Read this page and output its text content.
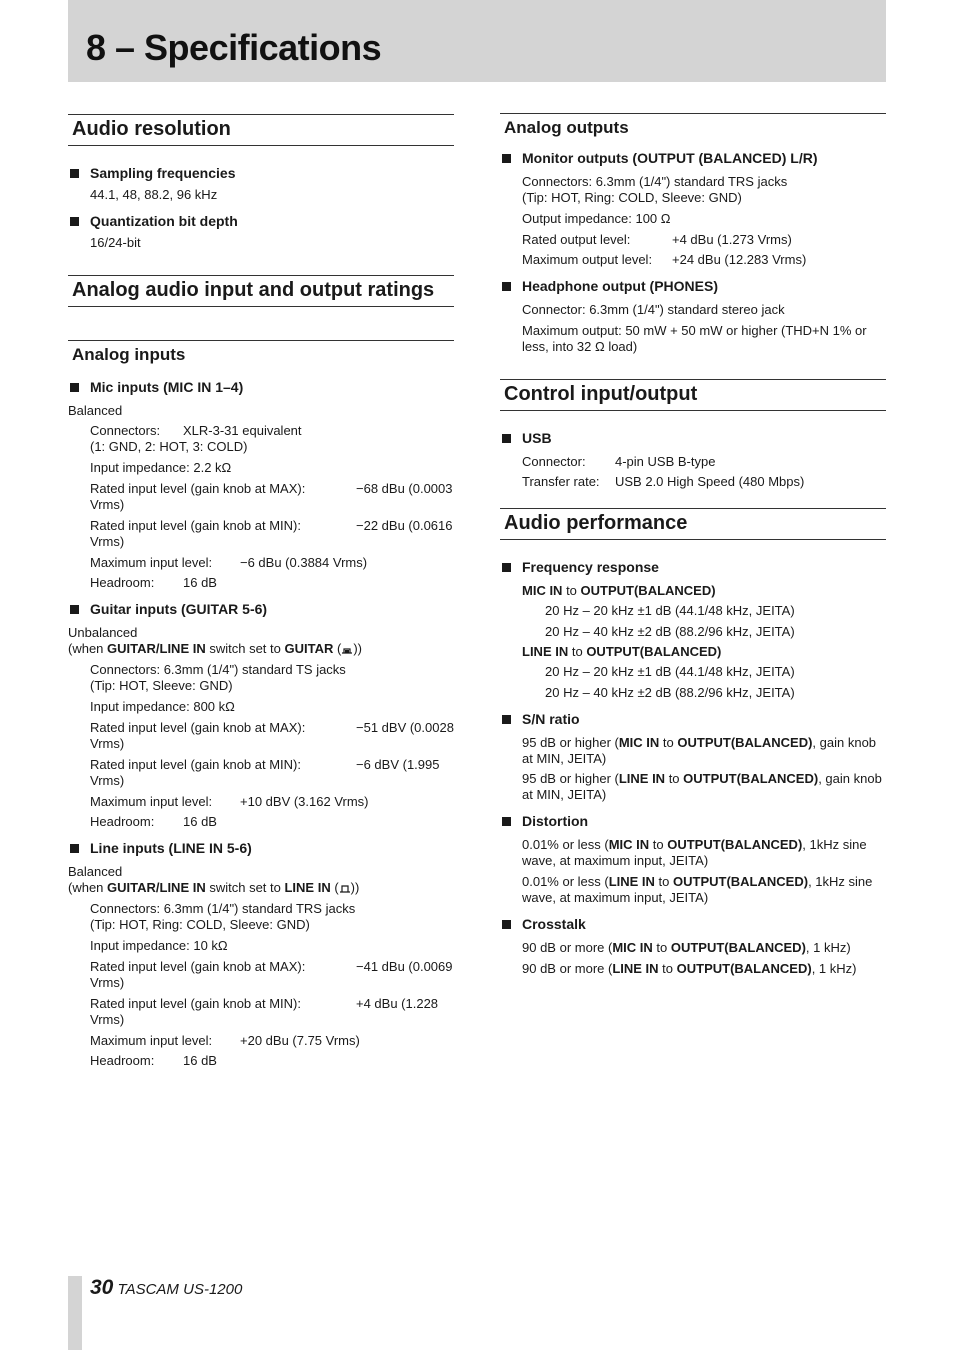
8 – Specifications
Audio resolution
Sampling frequencies

44.1, 48, 88.2, 96 kHz

Quantization bit depth

16/24-bit

Analog audio input and output ratings
Analog inputs
Mic inputs (MIC IN 1–4)

Balanced

Connectors:	XLR-3-31 equivalent

(1: GND, 2: HOT, 3: COLD)

Input impedance: 2.2 kΩ

Rated input level (gain knob at MAX):	−68 dBu (0.0003

Vrms)

Rated input level (gain knob at MIN):	−22 dBu (0.0616

Vrms)

Maximum input level:	−6 dBu (0.3884 Vrms)
Headroom:	16 dB
Guitar inputs (GUITAR 5-6)

Unbalanced

(when GUITAR/LINE IN switch set to GUITAR ( ))

Connectors: 6.3mm (1/4") standard TS jacks

(Tip: HOT, Sleeve: GND)

Input impedance: 800 kΩ

Rated input level (gain knob at MAX):	−51 dBV (0.0028

Vrms)

Rated input level (gain knob at MIN):	−6 dBV (1.995

Vrms)

Maximum input level:	+10 dBV (3.162 Vrms)
Headroom:	16 dB
Line inputs (LINE IN 5-6)

Balanced

(when GUITAR/LINE IN switch set to LINE IN ( ))

Connectors: 6.3mm (1/4") standard TRS jacks

(Tip: HOT, Ring: COLD, Sleeve: GND)

Input impedance: 10 kΩ

Rated input level (gain knob at MAX):	−41 dBu (0.0069

Vrms)

Rated input level (gain knob at MIN):	+4 dBu (1.228

Vrms)

Maximum input level:	+20 dBu (7.75 Vrms)
Headroom:	16 dB
Analog outputs
Monitor outputs (OUTPUT (BALANCED) L/R)

Connectors: 6.3mm (1/4") standard TRS jacks

(Tip: HOT, Ring: COLD, Sleeve: GND)

Output impedance: 100 Ω

Rated output level:	+4 dBu (1.273 Vrms)
Maximum output level:	+24 dBu (12.283 Vrms)
Headphone output (PHONES)

Connector: 6.3mm (1/4") standard stereo jack

Maximum output: 50 mW + 50 mW or higher (THD+N 1% or less, into 32 Ω load)

Control input/output
USB
Connector:	4-pin USB B-type
Transfer rate:	USB 2.0 High Speed (480 Mbps)
Audio performance
Frequency response

MIC IN to OUTPUT(BALANCED)

20 Hz – 20 kHz ±1 dB (44.1/48 kHz, JEITA)

20 Hz – 40 kHz ±2 dB (88.2/96 kHz, JEITA)

LINE IN to OUTPUT(BALANCED)

20 Hz – 20 kHz ±1 dB (44.1/48 kHz, JEITA)

20 Hz – 40 kHz ±2 dB (88.2/96 kHz, JEITA)

S/N ratio

95 dB or higher (MIC IN to OUTPUT(BALANCED), gain knob at MIN, JEITA)

95 dB or higher (LINE IN to OUTPUT(BALANCED), gain knob at MIN, JEITA)

Distortion

0.01% or less (MIC IN to OUTPUT(BALANCED), 1kHz sine wave, at maximum input, JEITA)

0.01% or less (LINE IN to OUTPUT(BALANCED), 1kHz sine wave, at maximum input, JEITA)

Crosstalk

90 dB or more (MIC IN to OUTPUT(BALANCED), 1 kHz)

90 dB or more (LINE IN to OUTPUT(BALANCED), 1 kHz)

30 TASCAM US-1200
